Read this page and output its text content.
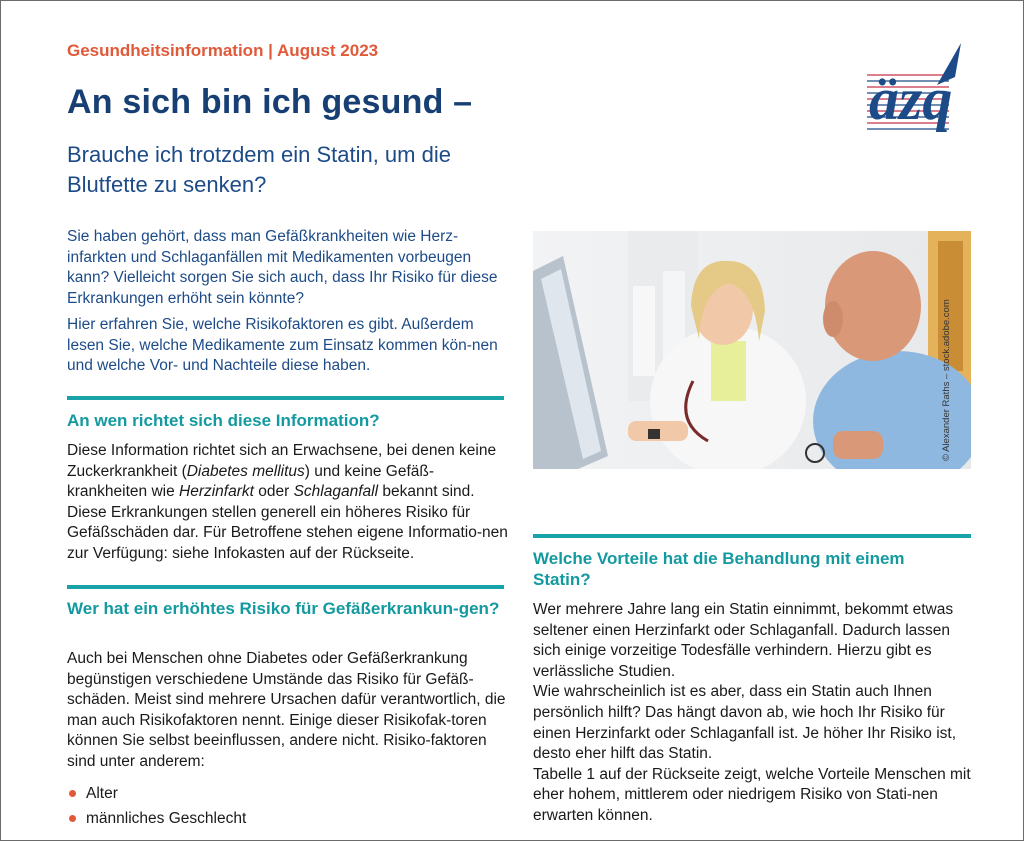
Gesundheitsinformation | August 2023
An sich bin ich gesund –
Brauche ich trotzdem ein Statin, um die Blutfette zu senken?
äzq

Sie haben gehört, dass man Gefäßkrankheiten wie Herz-infarkten und Schlaganfällen mit Medikamenten vorbeugen kann? Vielleicht sorgen Sie sich auch, dass Ihr Risiko für diese Erkrankungen erhöht sein könnte?

Hier erfahren Sie, welche Risikofaktoren es gibt. Außerdem lesen Sie, welche Medikamente zum Einsatz kommen kön-nen und welche Vor- und Nachteile diese haben.

An wen richtet sich diese Information?
Diese Information richtet sich an Erwachsene, bei denen keine Zuckerkrankheit (Diabetes mellitus) und keine Gefäß-krankheiten wie Herzinfarkt oder Schlaganfall bekannt sind. Diese Erkrankungen stellen generell ein höheres Risiko für Gefäßschäden dar. Für Betroffene stehen eigene Informatio-nen zur Verfügung: siehe Infokasten auf der Rückseite.
Wer hat ein erhöhtes Risiko für Gefäßerkrankun-gen?
Auch bei Menschen ohne Diabetes oder Gefäßerkrankung begünstigen verschiedene Umstände das Risiko für Gefäß-schäden. Meist sind mehrere Ursachen dafür verantwortlich, die man auch Risikofaktoren nennt. Einige dieser Risikofak-toren können Sie selbst beeinflussen, andere nicht. Risiko-faktoren sind unter anderem:
Alter
männliches Geschlecht
© Alexander Raths – stock.adobe.com
Welche Vorteile hat die Behandlung mit einem Statin?

Wer mehrere Jahre lang ein Statin einnimmt, bekommt etwas seltener einen Herzinfarkt oder Schlaganfall. Dadurch lassen sich einige vorzeitige Todesfälle verhindern. Hierzu gibt es verlässliche Studien.

Wie wahrscheinlich ist es aber, dass ein Statin auch Ihnen persönlich hilft? Das hängt davon ab, wie hoch Ihr Risiko für einen Herzinfarkt oder Schlaganfall ist. Je höher Ihr Risiko ist, desto eher hilft das Statin.

Tabelle 1 auf der Rückseite zeigt, welche Vorteile Menschen mit eher hohem, mittlerem oder niedrigem Risiko von Stati-nen erwarten können.
